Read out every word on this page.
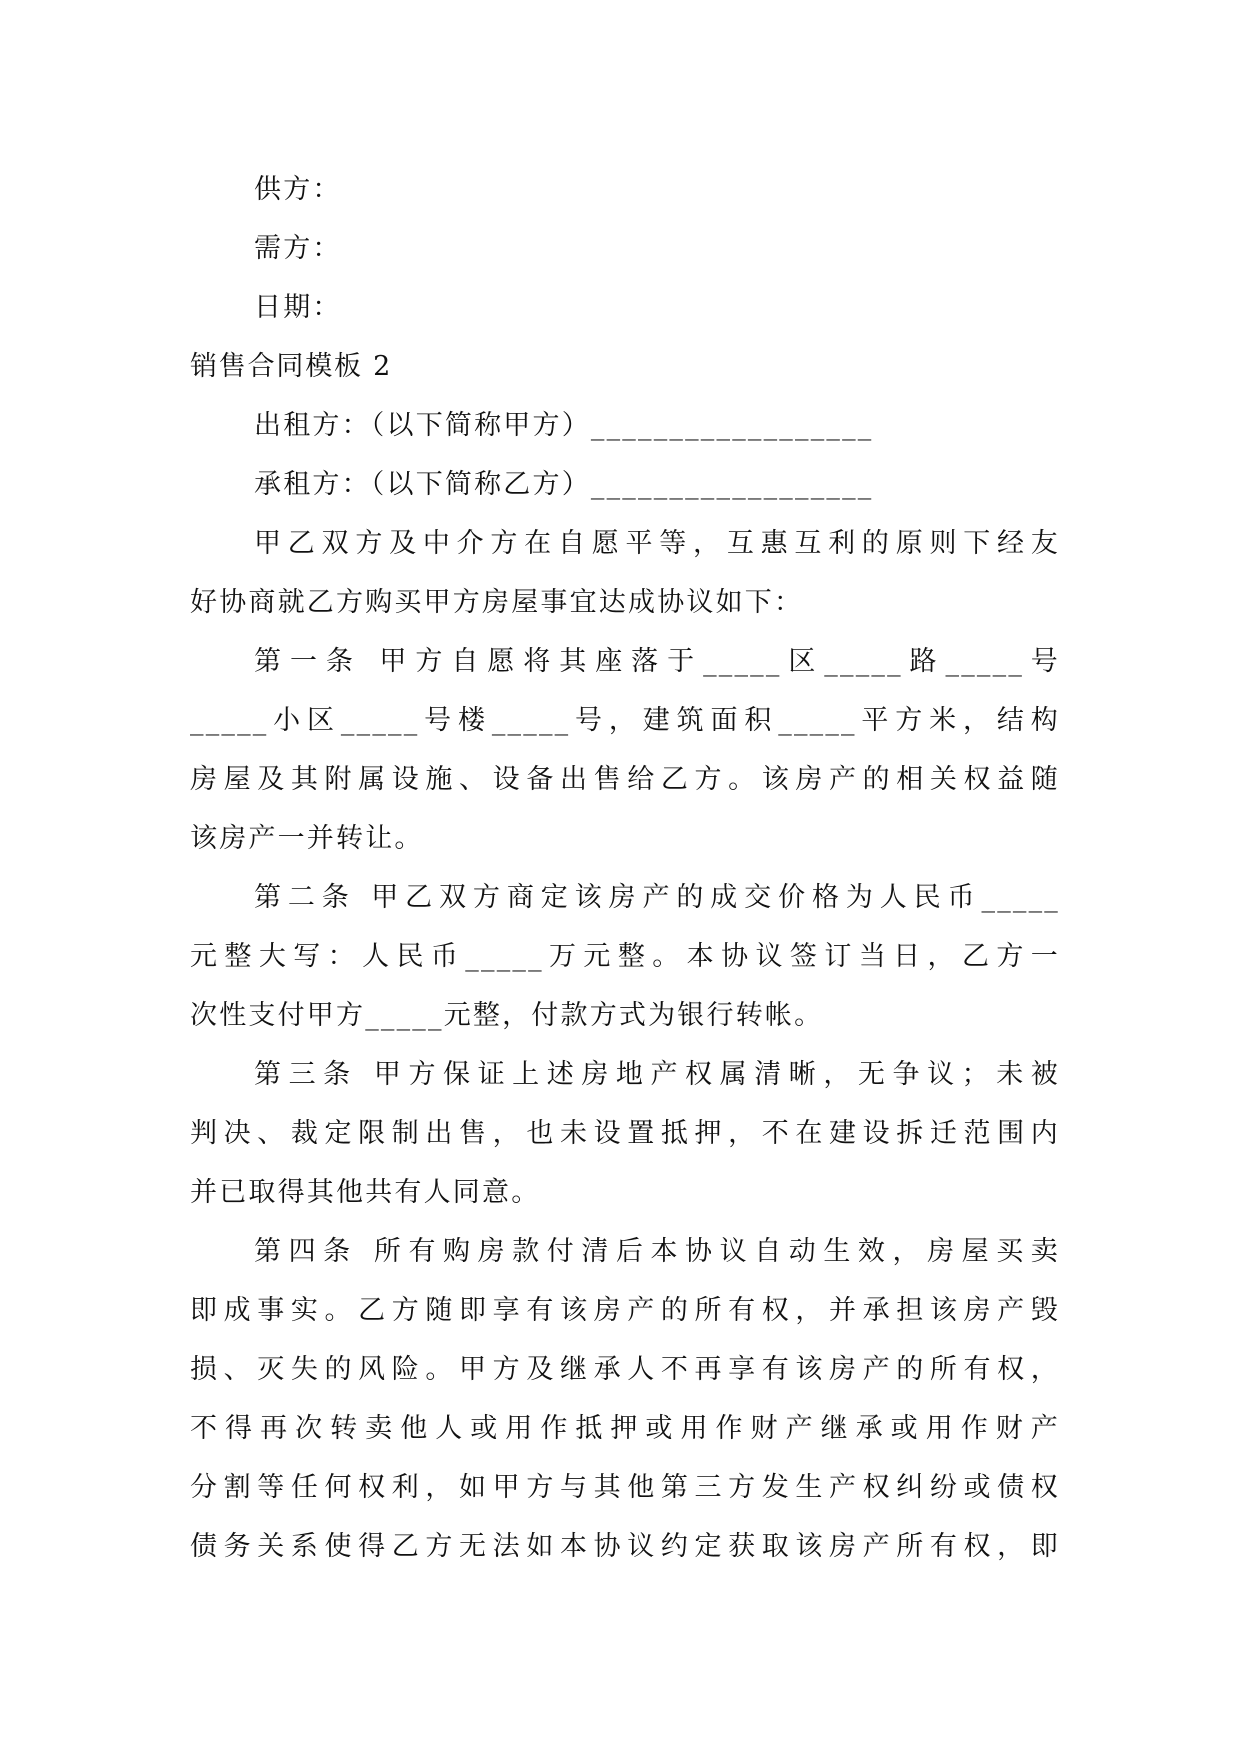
供方：
需方：
日期：
销售合同模板 2
出租方：（以下简称甲方）__________________
承租方：（以下简称乙方）__________________
甲乙双方及中介方在自愿平等，互惠互利的原则下经友
好协商就乙方购买甲方房屋事宜达成协议如下：
第一条 甲方自愿将其座落于_____区_____路_____号
_____小区_____号楼_____号，建筑面积_____平方米，结构
房屋及其附属设施、设备出售给乙方。该房产的相关权益随
该房产一并转让。
第二条 甲乙双方商定该房产的成交价格为人民币_____
元整大写：人民币_____万元整。本协议签订当日，乙方一
次性支付甲方_____元整，付款方式为银行转帐。
第三条 甲方保证上述房地产权属清晰，无争议；未被
判决、裁定限制出售，也未设置抵押，不在建设拆迁范围内
并已取得其他共有人同意。
第四条 所有购房款付清后本协议自动生效，房屋买卖
即成事实。乙方随即享有该房产的所有权，并承担该房产毁
损、灭失的风险。甲方及继承人不再享有该房产的所有权，
不得再次转卖他人或用作抵押或用作财产继承或用作财产
分割等任何权利，如甲方与其他第三方发生产权纠纷或债权
债务关系使得乙方无法如本协议约定获取该房产所有权，即
